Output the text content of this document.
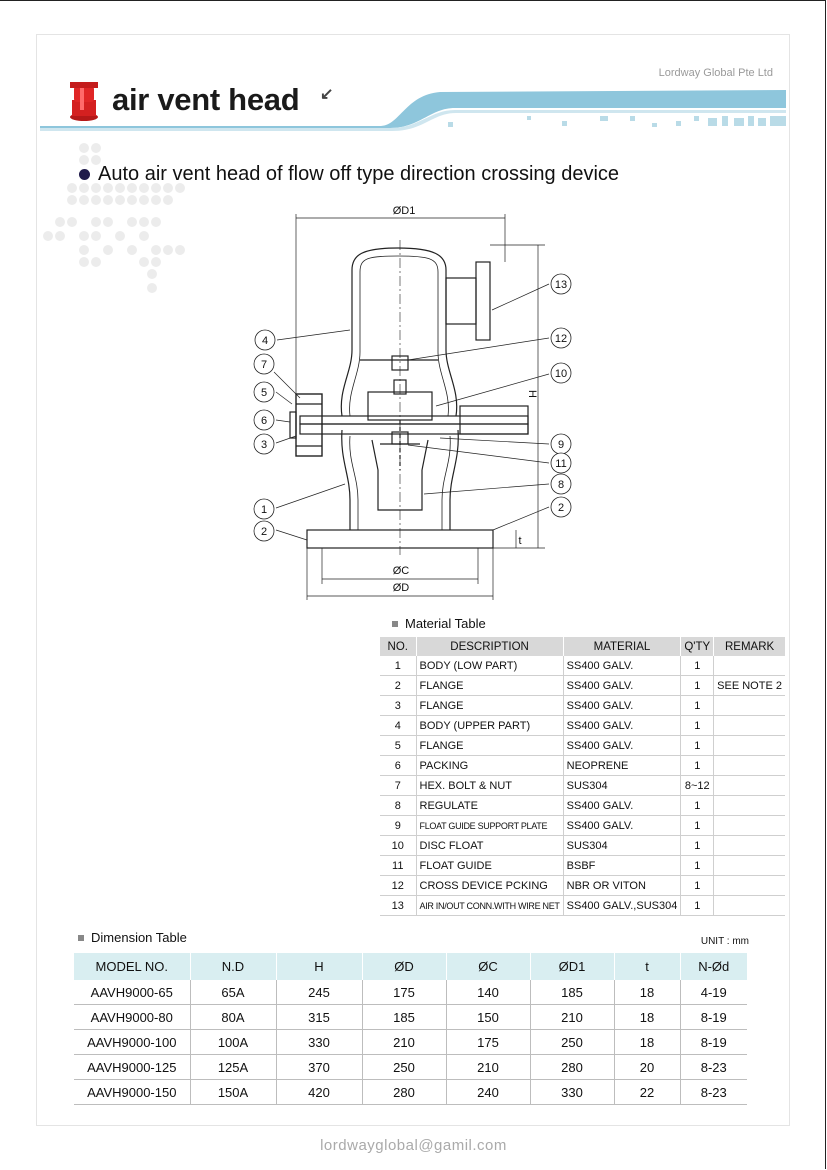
Lordway Global Pte Ltd
air vent head ↙
Auto air vent head of flow off type direction crossing device
4
7
5
6
3
1
2
13
12
10
9
11
8
2
ØD1
H
t
ØC
ØD
Material Table
NO.	DESCRIPTION	MATERIAL	Q'TY	REMARK
1	BODY (LOW PART)	SS400 GALV.	1	
2	FLANGE	SS400 GALV.	1	SEE NOTE 2
3	FLANGE	SS400 GALV.	1	
4	BODY (UPPER PART)	SS400 GALV.	1	
5	FLANGE	SS400 GALV.	1	
6	PACKING	NEOPRENE	1	
7	HEX. BOLT & NUT	SUS304	8~12	
8	REGULATE	SS400 GALV.	1	
9	FLOAT GUIDE SUPPORT PLATE	SS400 GALV.	1	
10	DISC FLOAT	SUS304	1	
11	FLOAT GUIDE	BSBF	1	
12	CROSS DEVICE PCKING	NBR OR VITON	1	
13	AIR IN/OUT CONN.WITH WIRE NET	SS400 GALV.,SUS304	1	
Dimension Table	UNIT : mm
MODEL NO.	N.D	H	ØD	ØC	ØD1	t	N-Ød
AAVH9000-65	65A	245	175	140	185	18	4-19
AAVH9000-80	80A	315	185	150	210	18	8-19
AAVH9000-100	100A	330	210	175	250	18	8-19
AAVH9000-125	125A	370	250	210	280	20	8-23
AAVH9000-150	150A	420	280	240	330	22	8-23
lordwayglobal@gamil.com
